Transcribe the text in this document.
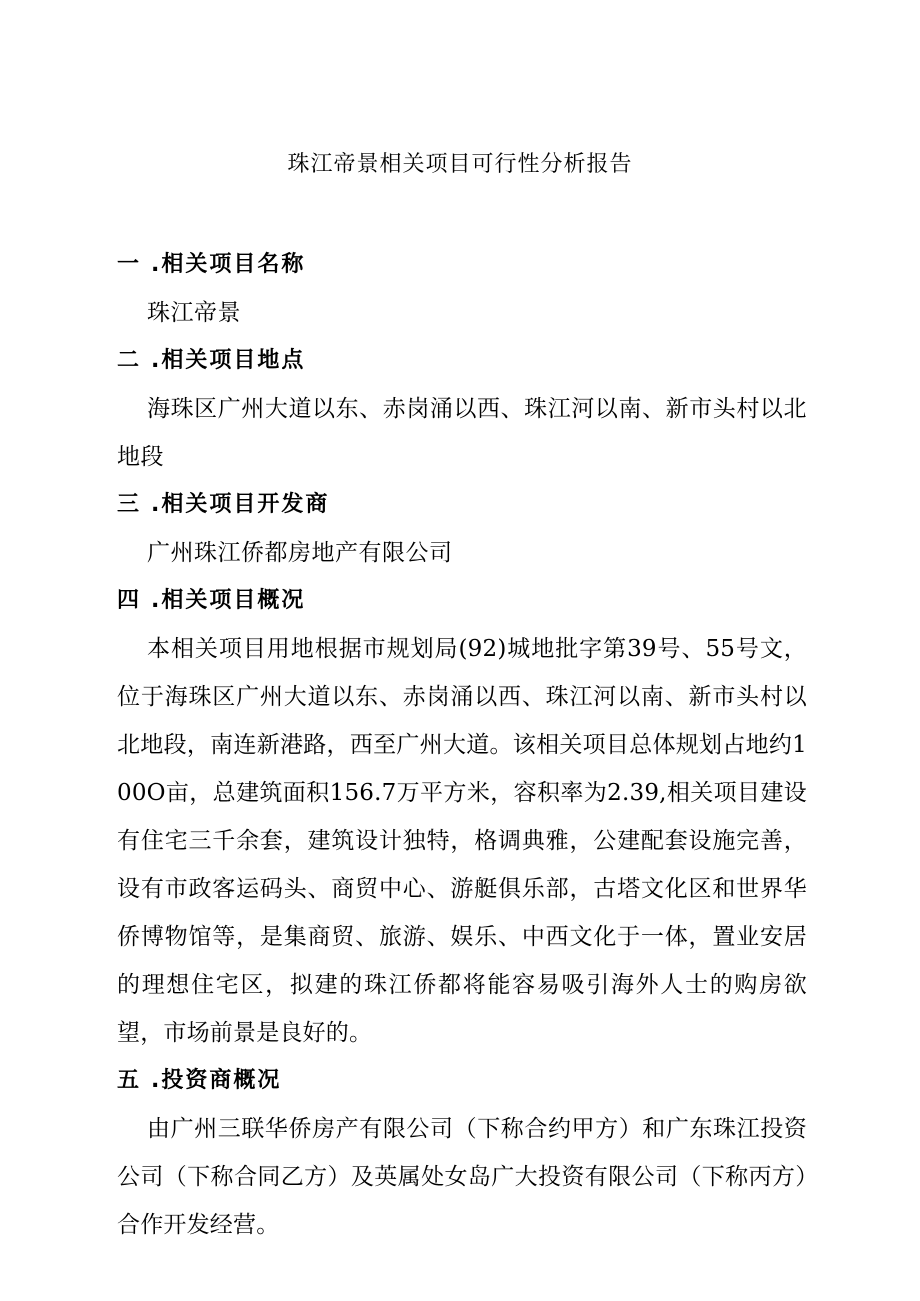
珠江帝景相关项目可行性分析报告
一 .相关项目名称

珠江帝景

二 .相关项目地点

海珠区广州大道以东、赤岗涌以西、珠江河以南、新市头村以北地段

三 .相关项目开发商

广州珠江侨都房地产有限公司

四 .相关项目概况

本相关项目用地根据市规划局(92)城地批字第39号、55号文，位于海珠区广州大道以东、赤岗涌以西、珠江河以南、新市头村以北地段，南连新港路，西至广州大道。该相关项目总体规划占地约100O亩，总建筑面积156.7万平方米，容积率为2.39,相关项目建设有住宅三千余套，建筑设计独特，格调典雅，公建配套设施完善，设有市政客运码头、商贸中心、游艇俱乐部，古塔文化区和世界华侨博物馆等，是集商贸、旅游、娱乐、中西文化于一体，置业安居的理想住宅区，拟建的珠江侨都将能容易吸引海外人士的购房欲望，市场前景是良好的。

五 .投资商概况

由广州三联华侨房产有限公司（下称合约甲方）和广东珠江投资公司（下称合同乙方）及英属处女岛广大投资有限公司（下称丙方）合作开发经营。
